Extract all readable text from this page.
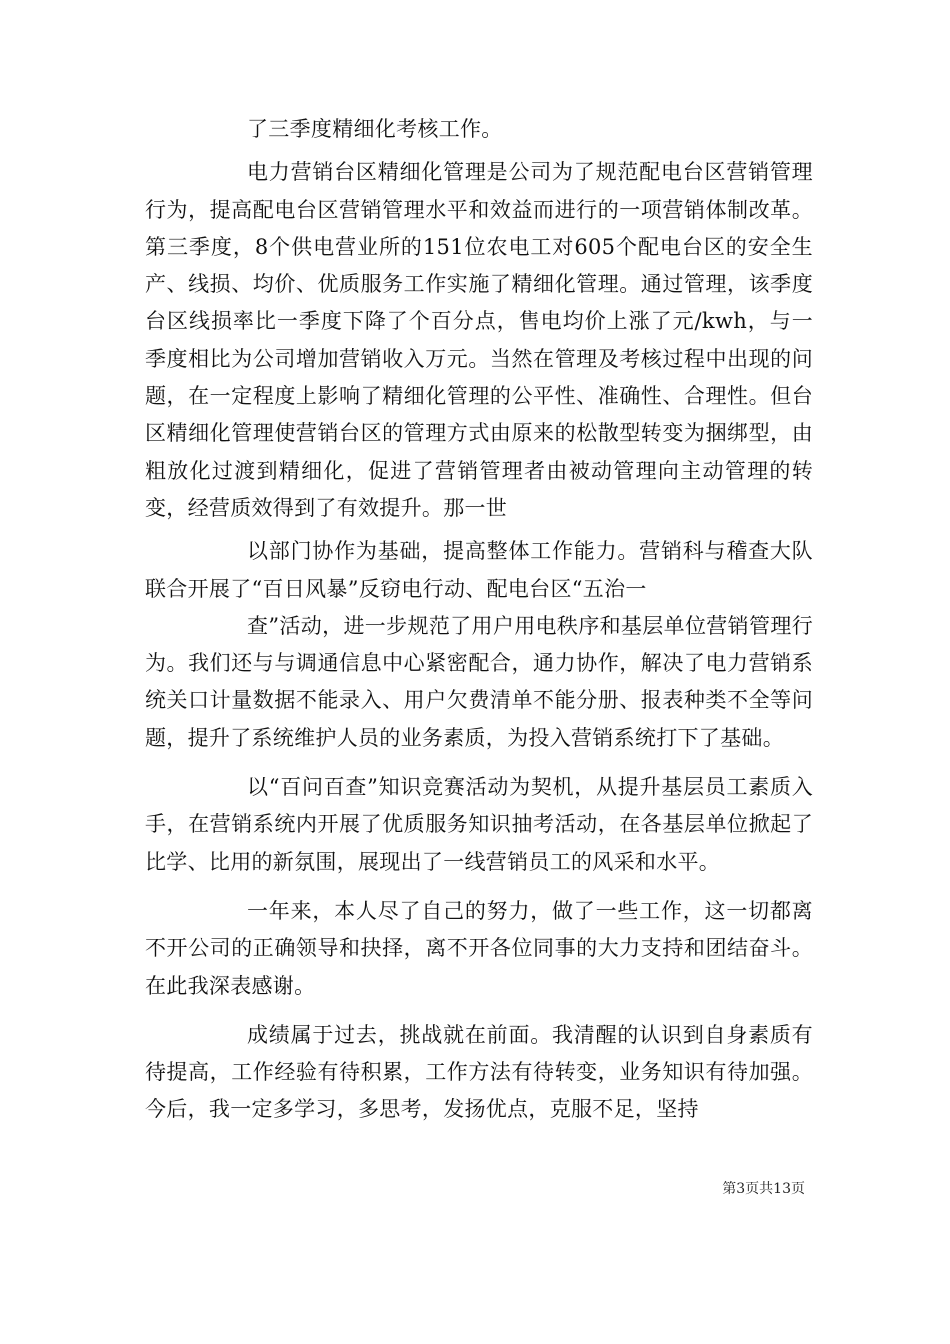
了三季度精细化考核工作。

电力营销台区精细化管理是公司为了规范配电台区营销管理行为，提高配电台区营销管理水平和效益而进行的一项营销体制改革。第三季度，8个供电营业所的151位农电工对605个配电台区的安全生产、线损、均价、优质服务工作实施了精细化管理。通过管理，该季度台区线损率比一季度下降了个百分点，售电均价上涨了元/kwh，与一季度相比为公司增加营销收入万元。当然在管理及考核过程中出现的问题，在一定程度上影响了精细化管理的公平性、准确性、合理性。但台区精细化管理使营销台区的管理方式由原来的松散型转变为捆绑型，由粗放化过渡到精细化，促进了营销管理者由被动管理向主动管理的转变，经营质效得到了有效提升。那一世

以部门协作为基础，提高整体工作能力。营销科与稽查大队联合开展了“百日风暴”反窃电行动、配电台区“五治一

查”活动，进一步规范了用户用电秩序和基层单位营销管理行为。我们还与与调通信息中心紧密配合，通力协作，解决了电力营销系统关口计量数据不能录入、用户欠费清单不能分册、报表种类不全等问题，提升了系统维护人员的业务素质，为投入营销系统打下了基础。

以“百问百查”知识竞赛活动为契机，从提升基层员工素质入手，在营销系统内开展了优质服务知识抽考活动，在各基层单位掀起了比学、比用的新氛围，展现出了一线营销员工的风采和水平。

一年来，本人尽了自己的努力，做了一些工作，这一切都离不开公司的正确领导和抉择，离不开各位同事的大力支持和团结奋斗。在此我深表感谢。

成绩属于过去，挑战就在前面。我清醒的认识到自身素质有待提高，工作经验有待积累，工作方法有待转变，业务知识有待加强。今后，我一定多学习，多思考，发扬优点，克服不足，坚持

第3页共13页
